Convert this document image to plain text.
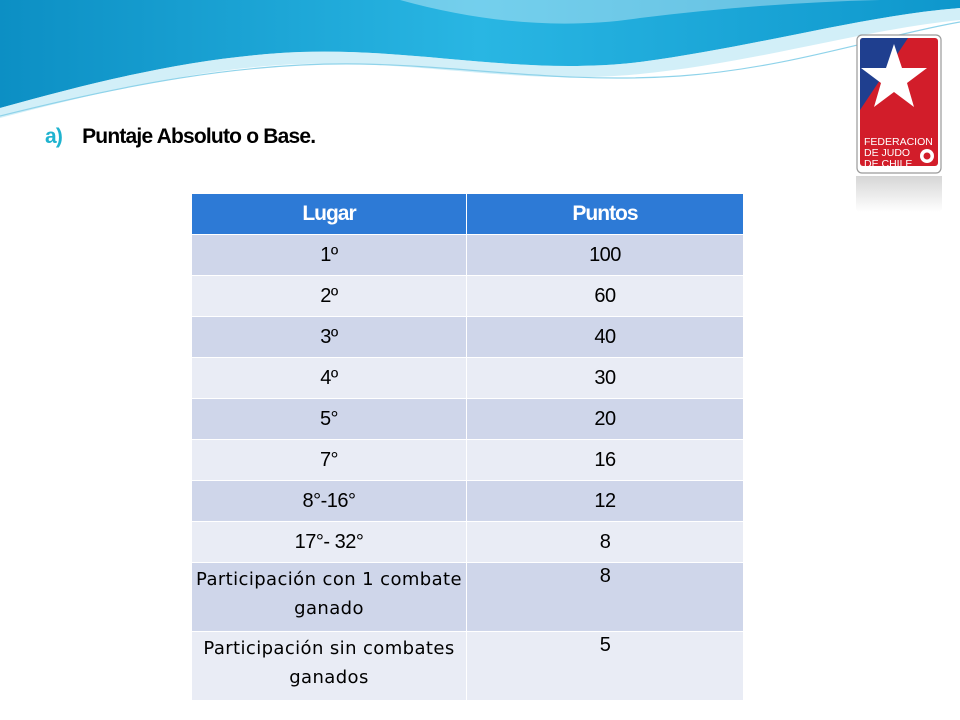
FEDERACION
DE JUDO
DE CHILE
a) Puntaje Absoluto o Base.
Lugar	Puntos
1º	100
2º	60
3º	40
4º	30
5°	20
7°	16
8°-16°	12
17°- 32°	8
Participación con 1 combate ganado	8
Participación sin combates ganados	5
